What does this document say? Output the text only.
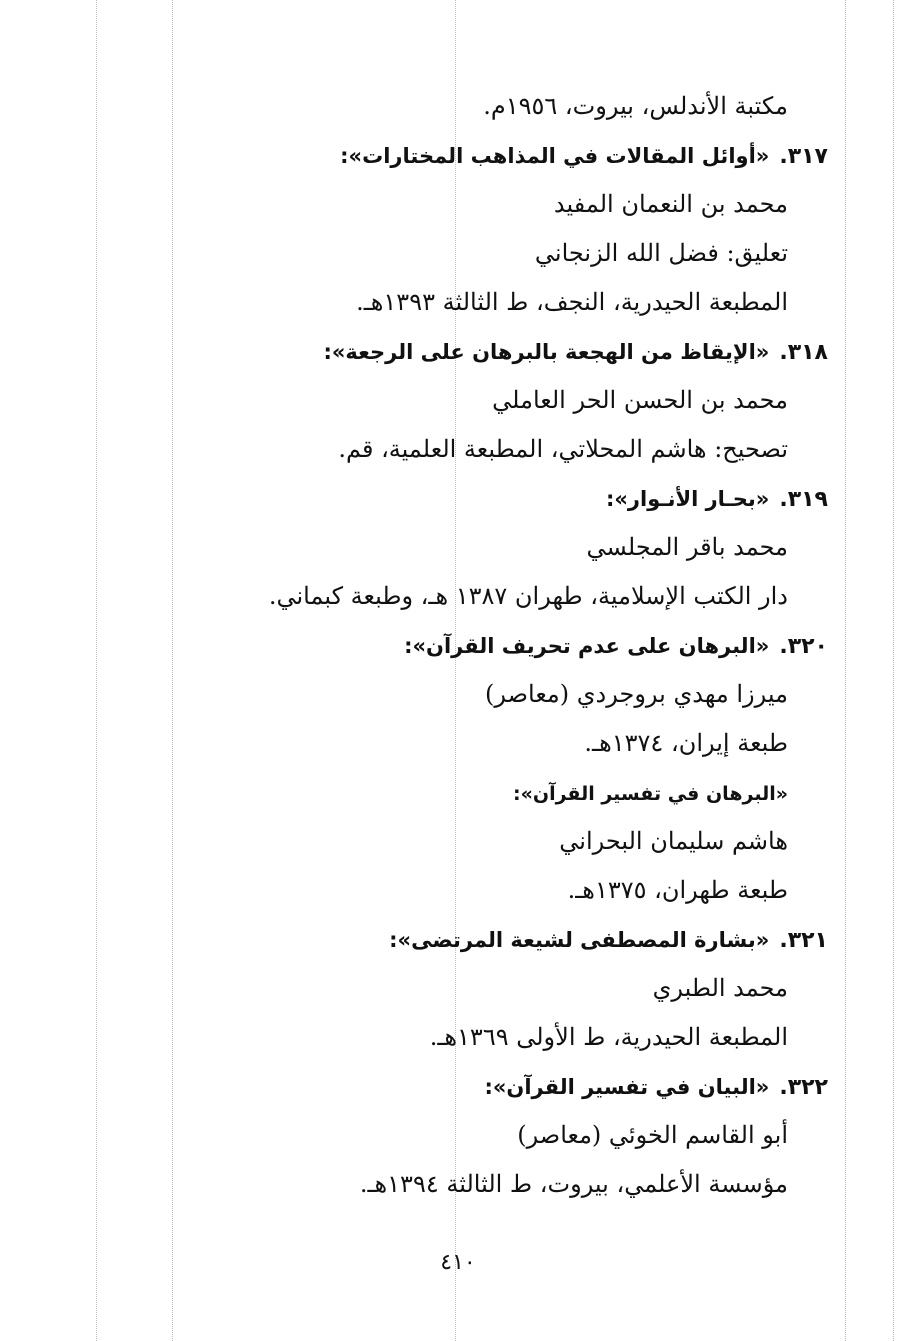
مكتبة الأندلس، بيروت، ١٩٥٦م.
٣١٧.«أوائل المقالات في المذاهب المختارات»:
محمد بن النعمان المفيد
تعليق: فضل الله الزنجاني
المطبعة الحيدرية، النجف، ط الثالثة ١٣٩٣هـ.
٣١٨.«الإيقاظ من الهجعة بالبرهان على الرجعة»:
محمد بن الحسن الحر العاملي
تصحيح: هاشم المحلاتي، المطبعة العلمية، قم.
٣١٩.«بحـار الأنـوار»:
محمد باقر المجلسي
دار الكتب الإسلامية، طهران ١٣٨٧ هـ، وطبعة كبماني.
٣٢٠.«البرهان على عدم تحريف القرآن»:
ميرزا مهدي بروجردي (معاصر)
طبعة إيران، ١٣٧٤هـ.
«البرهان في تفسير القرآن»:
هاشم سليمان البحراني
طبعة طهران، ١٣٧٥هـ.
٣٢١.«بشارة المصطفى لشيعة المرتضى»:
محمد الطبري
المطبعة الحيدرية، ط الأولى ١٣٦٩هـ.
٣٢٢.«البيان في تفسير القرآن»:
أبو القاسم الخوئي (معاصر)
مؤسسة الأعلمي، بيروت، ط الثالثة ١٣٩٤هـ.
٤١٠
